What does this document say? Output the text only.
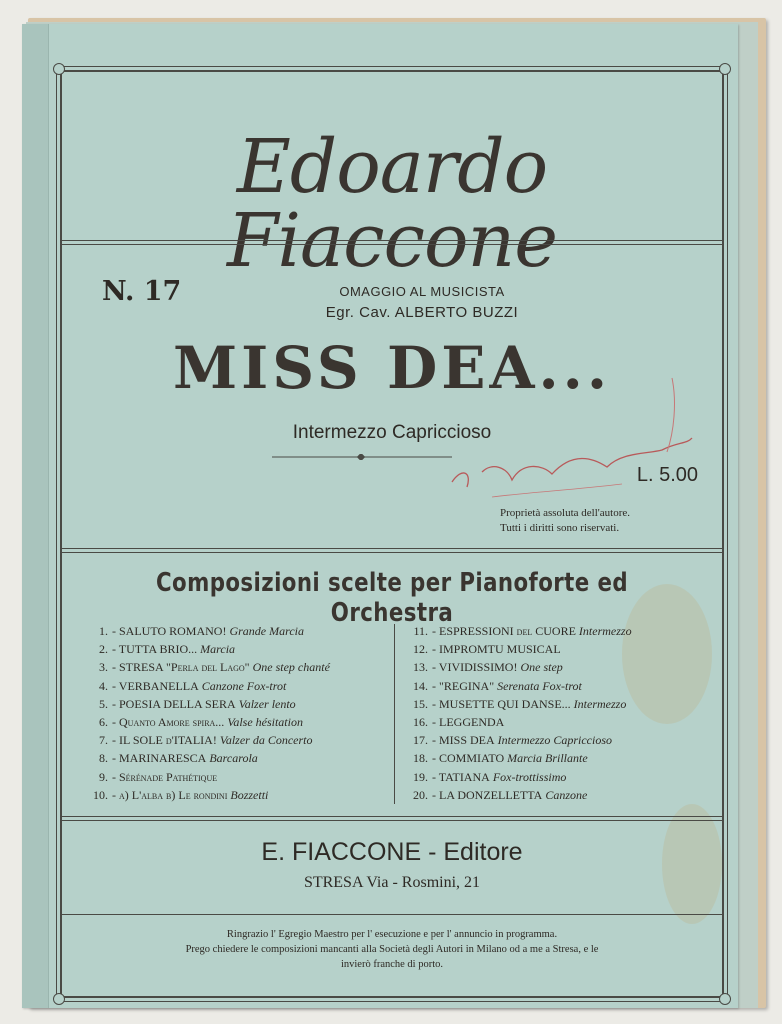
Edoardo Fiaccone
N. 17	OMAGGIO AL MUSICISTA
Egr. Cav. ALBERTO BUZZI
MISS DEA...
Intermezzo Capriccioso
L. 5.00
Proprietà assoluta dell'autore.
Tutti i diritti sono riservati.
Composizioni scelte per Pianoforte ed Orchestra
1. - SALUTO ROMANO! Grande Marcia
2. - TUTTA BRIO... Marcia
3. - STRESA "Perla del Lago" One step chanté
4. - VERBANELLA Canzone Fox-trot
5. - POESIA DELLA SERA Valzer lento
6. - Quanto Amore spira... Valse hésitation
7. - IL SOLE d'ITALIA! Valzer da Concerto
8. - MARINARESCA Barcarola
9. - Sérénade Pathétique
10. - a) L'alba b) Le rondini Bozzetti
11. - ESPRESSIONI del CUORE Intermezzo
12. - IMPROMTU MUSICAL
13. - VIVIDISSIMO! One step
14. - "REGINA" Serenata Fox-trot
15. - MUSETTE QUI DANSE... Intermezzo
16. - LEGGENDA
17. - MISS DEA Intermezzo Capriccioso
18. - COMMIATO Marcia Brillante
19. - TATIANA Fox-trottissimo
20. - LA DONZELLETTA Canzone
E. FIACCONE - Editore
STRESA Via - Rosmini, 21
Ringrazio l' Egregio Maestro per l' esecuzione e per l' annuncio in programma.
Prego chiedere le composizioni mancanti alla Società degli Autori in Milano od a me a Stresa, e le
invierò franche di porto.
